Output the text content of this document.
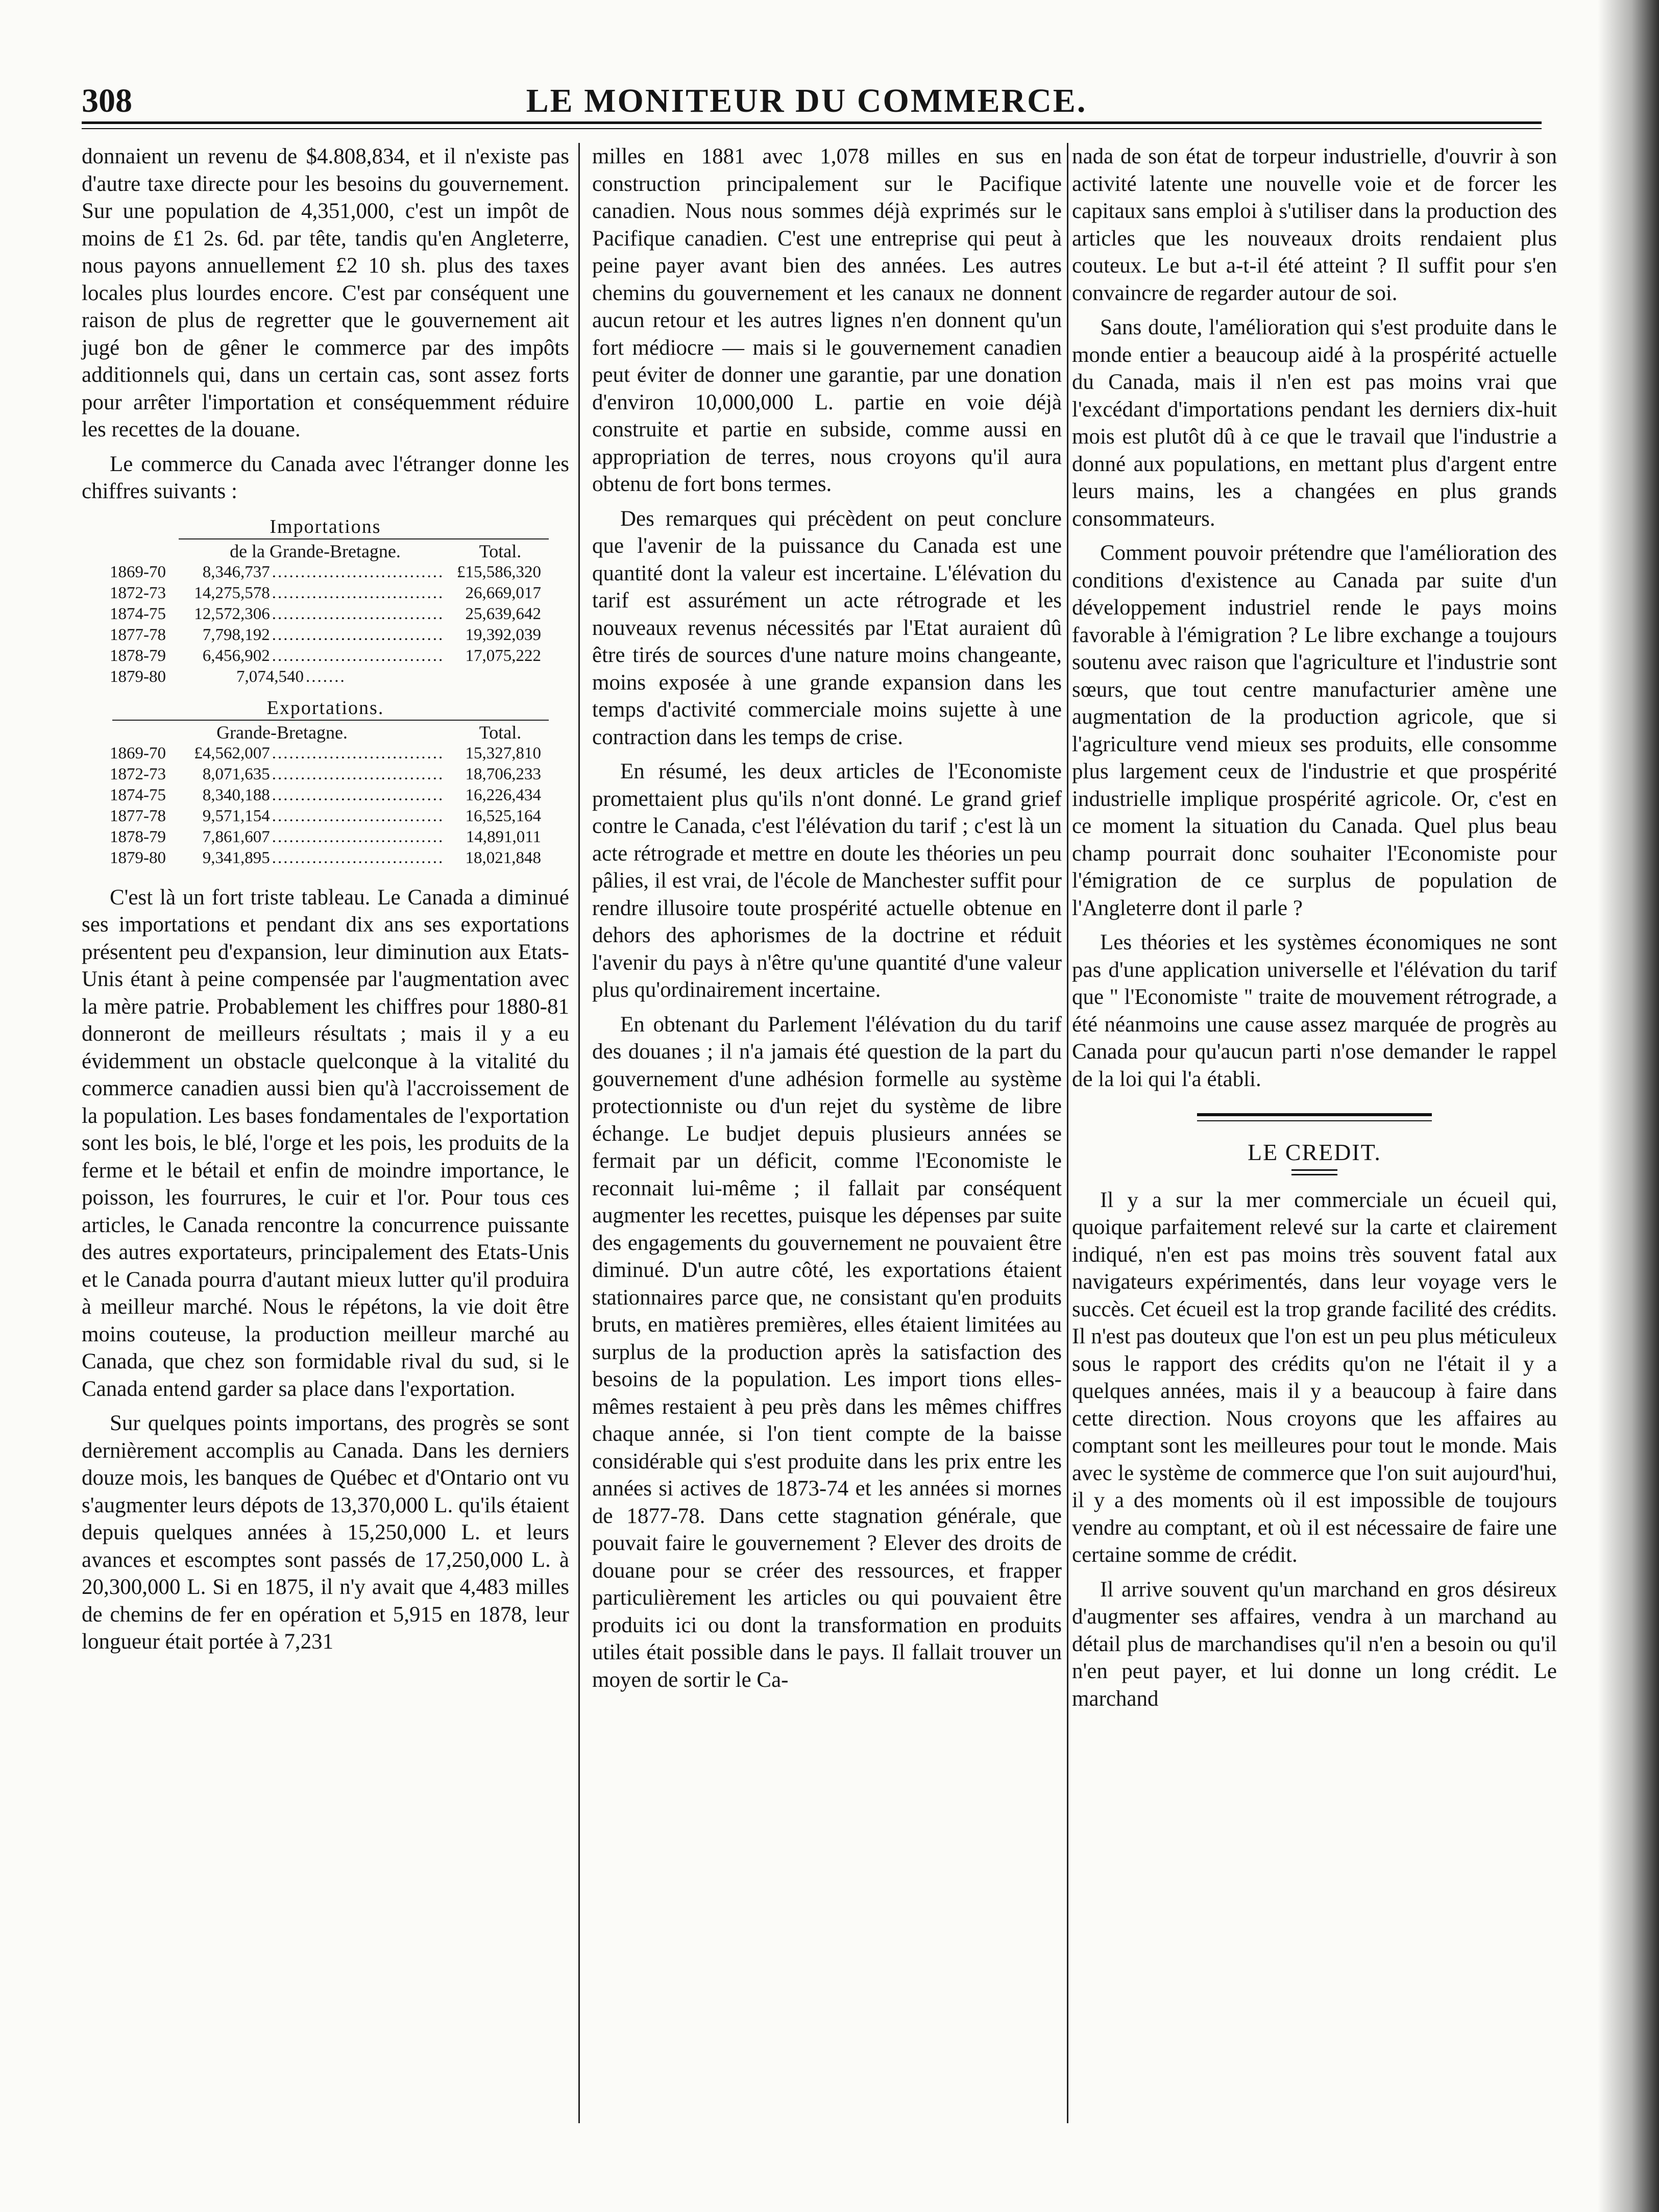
308	LE MONITEUR DU COMMERCE.

donnaient un revenu de $4.808,834, et il n'existe pas d'autre taxe directe pour les besoins du gouvernement. Sur une population de 4,351,000, c'est un impôt de moins de £1 2s. 6d. par tête, tandis qu'en Angleterre, nous payons annuellement £2 10 sh. plus des taxes locales plus lourdes encore. C'est par conséquent une raison de plus de regretter que le gouvernement ait jugé bon de gêner le commerce par des impôts additionnels qui, dans un certain cas, sont assez forts pour arrêter l'importation et conséquemment réduire les recettes de la douane.

Le commerce du Canada avec l'étranger donne les chiffres suivants :

Importations
de la Grande-Bretagne.	Total.
1869-70	8,346,737 .............................. £15,586,320
1872-73	14,275,578 ..............................	26,669,017
1874-75	12,572,306 ..............................	25,639,642
1877-78	7,798,192 ..............................	19,392,039
1878-79	6,456,902 ..............................	17,075,222
1879-80	7,074,540 .......
Exportations.
Grande-Bretagne.	Total.
1869-70	£4,562,007 ..............................	15,327,810
1872-73	8,071,635 ..............................	18,706,233
1874-75	8,340,188 ..............................	16,226,434
1877-78	9,571,154 ..............................	16,525,164
1878-79	7,861,607 ..............................	14,891,011
1879-80	9,341,895 ..............................	18,021,848

C'est là un fort triste tableau. Le Canada a diminué ses importations et pendant dix ans ses exportations présentent peu d'expansion, leur diminution aux Etats-Unis étant à peine compensée par l'augmentation avec la mère patrie. Probablement les chiffres pour 1880-81 donneront de meilleurs résultats ; mais il y a eu évidemment un obstacle quelconque à la vitalité du commerce canadien aussi bien qu'à l'accroissement de la population. Les bases fondamentales de l'exportation sont les bois, le blé, l'orge et les pois, les produits de la ferme et le bétail et enfin de moindre importance, le poisson, les fourrures, le cuir et l'or. Pour tous ces articles, le Canada rencontre la concurrence puissante des autres exportateurs, principalement des Etats-Unis et le Canada pourra d'autant mieux lutter qu'il produira à meilleur marché. Nous le répétons, la vie doit être moins couteuse, la production meilleur marché au Canada, que chez son formidable rival du sud, si le Canada entend garder sa place dans l'exportation.

Sur quelques points importans, des progrès se sont dernièrement accomplis au Canada. Dans les derniers douze mois, les banques de Québec et d'Ontario ont vu s'augmenter leurs dépots de 13,370,000 L. qu'ils étaient depuis quelques années à 15,250,000 L. et leurs avances et escomptes sont passés de 17,250,000 L. à 20,300,000 L. Si en 1875, il n'y avait que 4,483 milles de chemins de fer en opération et 5,915 en 1878, leur longueur était portée à 7,231

milles en 1881 avec 1,078 milles en sus en construction principalement sur le Pacifique canadien. Nous nous sommes déjà exprimés sur le Pacifique canadien. C'est une entreprise qui peut à peine payer avant bien des années. Les autres chemins du gouvernement et les canaux ne donnent aucun retour et les autres lignes n'en donnent qu'un fort médiocre — mais si le gouvernement canadien peut éviter de donner une garantie, par une donation d'environ 10,000,000 L. partie en voie déjà construite et partie en subside, comme aussi en appropriation de terres, nous croyons qu'il aura obtenu de fort bons termes.

Des remarques qui précèdent on peut conclure que l'avenir de la puissance du Canada est une quantité dont la valeur est incertaine. L'élévation du tarif est assurément un acte rétrograde et les nouveaux revenus nécessités par l'Etat auraient dû être tirés de sources d'une nature moins changeante, moins exposée à une grande expansion dans les temps d'activité commerciale moins sujette à une contraction dans les temps de crise.

En résumé, les deux articles de l'Economiste promettaient plus qu'ils n'ont donné. Le grand grief contre le Canada, c'est l'élévation du tarif ; c'est là un acte rétrograde et mettre en doute les théories un peu pâlies, il est vrai, de l'école de Manchester suffit pour rendre illusoire toute prospérité actuelle obtenue en dehors des aphorismes de la doctrine et réduit l'avenir du pays à n'être qu'une quantité d'une valeur plus qu'ordinairement incertaine.

En obtenant du Parlement l'élévation du du tarif des douanes ; il n'a jamais été question de la part du gouvernement d'une adhésion formelle au système protectionniste ou d'un rejet du système de libre échange. Le budjet depuis plusieurs années se fermait par un déficit, comme l'Economiste le reconnait lui-même ; il fallait par conséquent augmenter les recettes, puisque les dépenses par suite des engagements du gouvernement ne pouvaient être diminué. D'un autre côté, les exportations étaient stationnaires parce que, ne consistant qu'en produits bruts, en matières premières, elles étaient limitées au surplus de la production après la satisfaction des besoins de la population. Les import tions elles-mêmes restaient à peu près dans les mêmes chiffres chaque année, si l'on tient compte de la baisse considérable qui s'est produite dans les prix entre les années si actives de 1873-74 et les années si mornes de 1877-78. Dans cette stagnation générale, que pouvait faire le gouvernement ? Elever des droits de douane pour se créer des ressources, et frapper particulièrement les articles ou qui pouvaient être produits ici ou dont la transformation en produits utiles était possible dans le pays. Il fallait trouver un moyen de sortir le Ca-

nada de son état de torpeur industrielle, d'ouvrir à son activité latente une nouvelle voie et de forcer les capitaux sans emploi à s'utiliser dans la production des articles que les nouveaux droits rendaient plus couteux. Le but a-t-il été atteint ? Il suffit pour s'en convaincre de regarder autour de soi.

Sans doute, l'amélioration qui s'est produite dans le monde entier a beaucoup aidé à la prospérité actuelle du Canada, mais il n'en est pas moins vrai que l'excédant d'importations pendant les derniers dix-huit mois est plutôt dû à ce que le travail que l'industrie a donné aux populations, en mettant plus d'argent entre leurs mains, les a changées en plus grands consommateurs.

Comment pouvoir prétendre que l'amélioration des conditions d'existence au Canada par suite d'un développement industriel rende le pays moins favorable à l'émigration ? Le libre exchange a toujours soutenu avec raison que l'agriculture et l'industrie sont sœurs, que tout centre manufacturier amène une augmentation de la production agricole, que si l'agriculture vend mieux ses produits, elle consomme plus largement ceux de l'industrie et que prospérité industrielle implique prospérité agricole. Or, c'est en ce moment la situation du Canada. Quel plus beau champ pourrait donc souhaiter l'Economiste pour l'émigration de ce surplus de population de l'Angleterre dont il parle ?

Les théories et les systèmes économiques ne sont pas d'une application universelle et l'élévation du tarif que " l'Economiste " traite de mouvement rétrograde, a été néanmoins une cause assez marquée de progrès au Canada pour qu'aucun parti n'ose demander le rappel de la loi qui l'a établi.

LE CREDIT.

Il y a sur la mer commerciale un écueil qui, quoique parfaitement relevé sur la carte et clairement indiqué, n'en est pas moins très souvent fatal aux navigateurs expérimentés, dans leur voyage vers le succès. Cet écueil est la trop grande facilité des crédits. Il n'est pas douteux que l'on est un peu plus méticuleux sous le rapport des crédits qu'on ne l'était il y a quelques années, mais il y a beaucoup à faire dans cette direction. Nous croyons que les affaires au comptant sont les meilleures pour tout le monde. Mais avec le système de commerce que l'on suit aujourd'hui, il y a des moments où il est impossible de toujours vendre au comptant, et où il est nécessaire de faire une certaine somme de crédit.

Il arrive souvent qu'un marchand en gros désireux d'augmenter ses affaires, vendra à un marchand au détail plus de marchandises qu'il n'en a besoin ou qu'il n'en peut payer, et lui donne un long crédit. Le marchand
